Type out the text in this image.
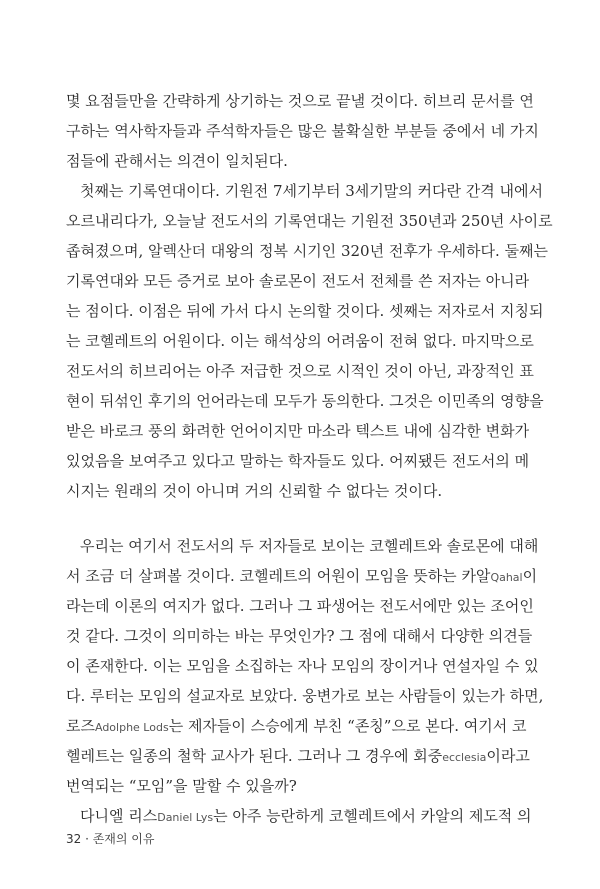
몇 요점들만을 간략하게 상기하는 것으로 끝낼 것이다. 히브리 문서를 연
구하는 역사학자들과 주석학자들은 많은 불확실한 부분들 중에서 네 가지
점들에 관해서는 의견이 일치된다.
첫째는 기록연대이다. 기원전 7세기부터 3세기말의 커다란 간격 내에서
오르내리다가, 오늘날 전도서의 기록연대는 기원전 350년과 250년 사이로
좁혀졌으며, 알렉산더 대왕의 정복 시기인 320년 전후가 우세하다. 둘째는
기록연대와 모든 증거로 보아 솔로몬이 전도서 전체를 쓴 저자는 아니라
는 점이다. 이점은 뒤에 가서 다시 논의할 것이다. 셋째는 저자로서 지칭되
는 코헬레트의 어원이다. 이는 해석상의 어려움이 전혀 없다. 마지막으로
전도서의 히브리어는 아주 저급한 것으로 시적인 것이 아닌, 과장적인 표
현이 뒤섞인 후기의 언어라는데 모두가 동의한다. 그것은 이민족의 영향을
받은 바로크 풍의 화려한 언어이지만 마소라 텍스트 내에 심각한 변화가
있었음을 보여주고 있다고 말하는 학자들도 있다. 어찌됐든 전도서의 메
시지는 원래의 것이 아니며 거의 신뢰할 수 없다는 것이다.
우리는 여기서 전도서의 두 저자들로 보이는 코헬레트와 솔로몬에 대해
서 조금 더 살펴볼 것이다. 코헬레트의 어원이 모임을 뜻하는 카알Qahal이
라는데 이론의 여지가 없다. 그러나 그 파생어는 전도서에만 있는 조어인
것 같다. 그것이 의미하는 바는 무엇인가? 그 점에 대해서 다양한 의견들
이 존재한다. 이는 모임을 소집하는 자나 모임의 장이거나 연설자일 수 있
다. 루터는 모임의 설교자로 보았다. 웅변가로 보는 사람들이 있는가 하면,
로즈Adolphe Lods는 제자들이 스승에게 부친 “존칭”으로 본다. 여기서 코
헬레트는 일종의 철학 교사가 된다. 그러나 그 경우에 회중ecclesia이라고
번역되는 “모임”을 말할 수 있을까?
다니엘 리스Daniel Lys는 아주 능란하게 코헬레트에서 카알의 제도적 의
32 · 존재의 이유
